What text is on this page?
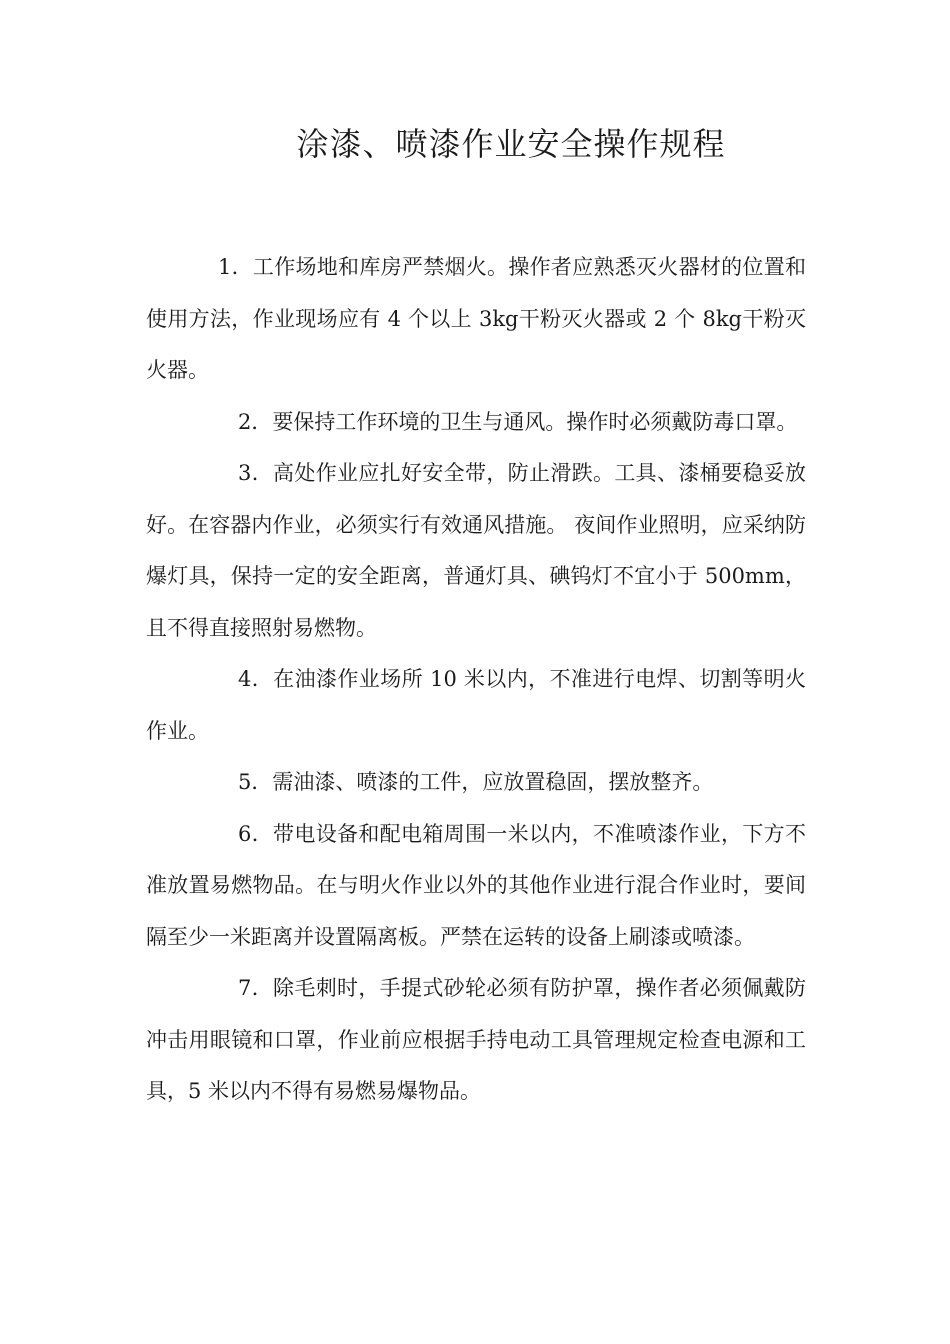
涂漆、喷漆作业安全操作规程

1．工作场地和库房严禁烟火。操作者应熟悉灭火器材的位置和使用方法，作业现场应有 4 个以上 3kg干粉灭火器或 2 个 8kg干粉灭火器。

2．要保持工作环境的卫生与通风。操作时必须戴防毒口罩。

3．高处作业应扎好安全带，防止滑跌。工具、漆桶要稳妥放好。在容器内作业，必须实行有效通风措施。 夜间作业照明，应采纳防爆灯具，保持一定的安全距离，普通灯具、碘钨灯不宜小于 500mm，且不得直接照射易燃物。

4．在油漆作业场所 10 米以内，不准进行电焊、切割等明火作业。

5．需油漆、喷漆的工件，应放置稳固，摆放整齐。

6．带电设备和配电箱周围一米以内，不准喷漆作业，下方不准放置易燃物品。在与明火作业以外的其他作业进行混合作业时，要间隔至少一米距离并设置隔离板。严禁在运转的设备上刷漆或喷漆。

7．除毛刺时，手提式砂轮必须有防护罩，操作者必须佩戴防冲击用眼镜和口罩，作业前应根据手持电动工具管理规定检查电源和工具，5 米以内不得有易燃易爆物品。
